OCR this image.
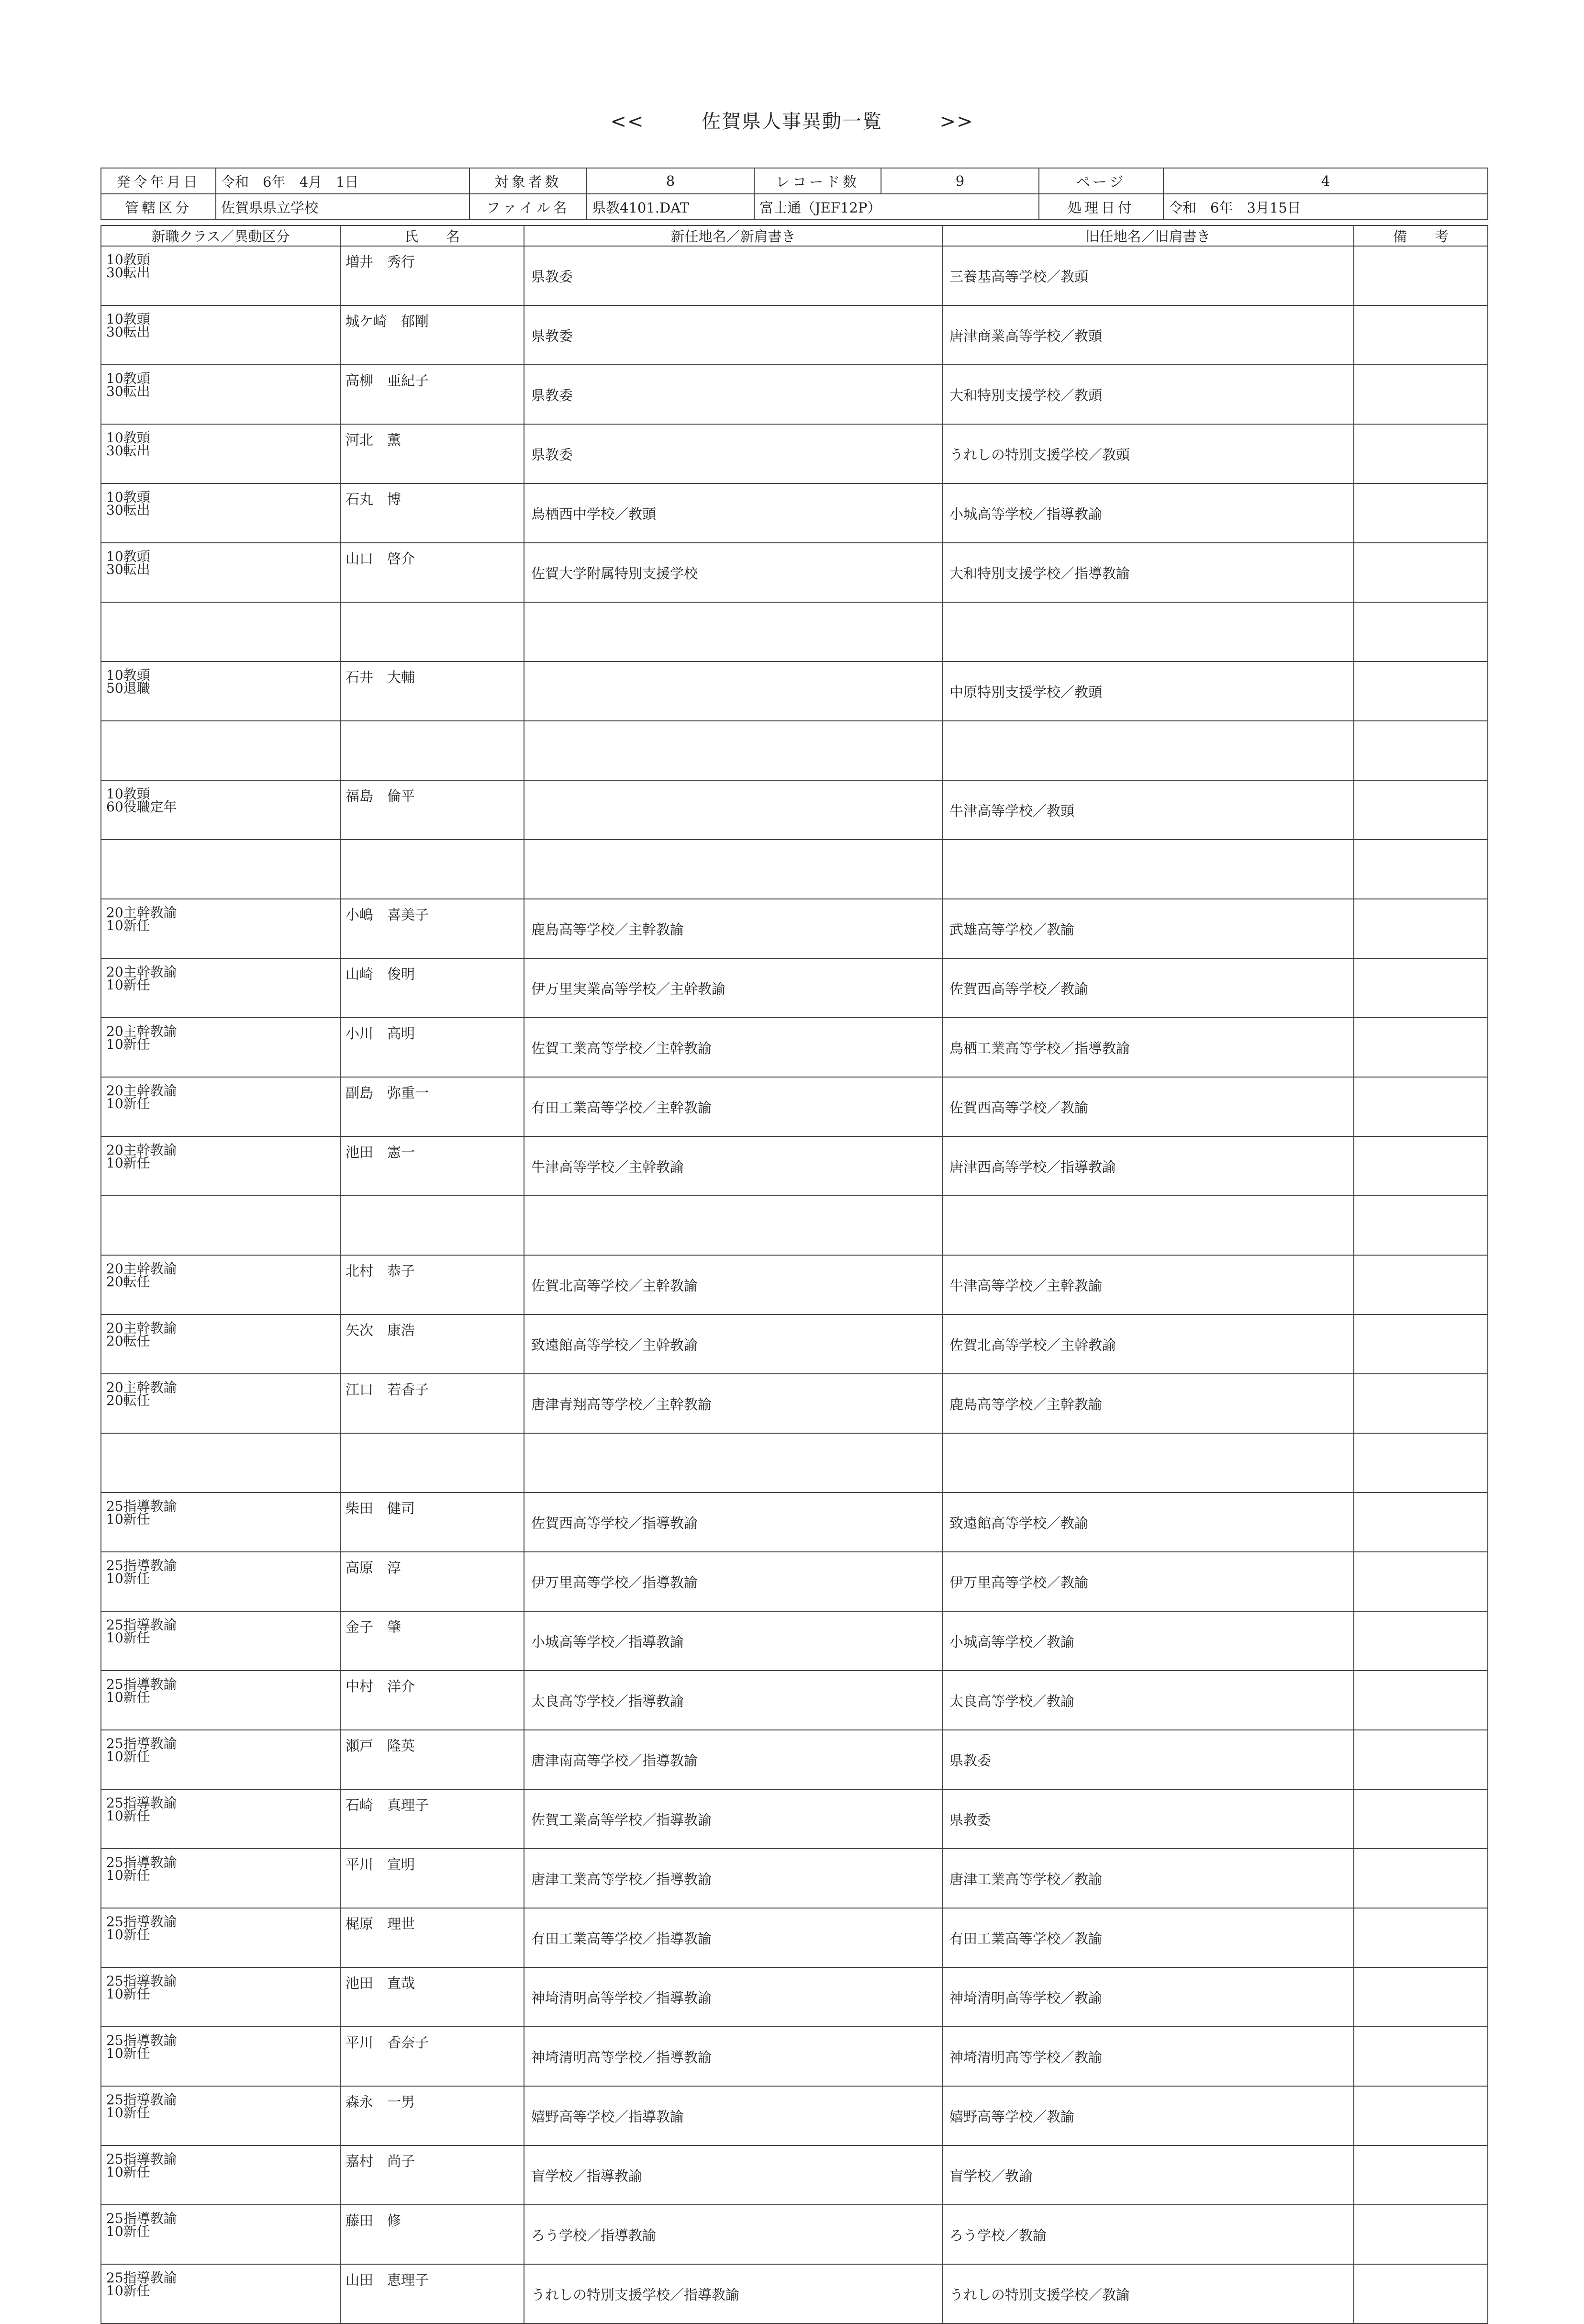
<<	佐賀県人事異動一覧	>>
発令年月日	令和　6年　4月　1日	対象者数	8	レコード数	9	ページ	4
管轄区分	佐賀県県立学校	ファイル名	県教4101.DAT	富士通（JEF12P）		処理日付	令和　6年　3月15日
新職クラス／異動区分	氏　　名	新任地名／新肩書き	旧任地名／旧肩書き	備　　考

10教頭
30転出	増井　秀行	県教委	三養基高等学校／教頭	

10教頭
30転出	城ケ崎　郁剛	県教委	唐津商業高等学校／教頭	

10教頭
30転出	高柳　亜紀子	県教委	大和特別支援学校／教頭	

10教頭
30転出	河北　薫	県教委	うれしの特別支援学校／教頭	

10教頭
30転出	石丸　博	鳥栖西中学校／教頭	小城高等学校／指導教諭	

10教頭
30転出	山口　啓介	佐賀大学附属特別支援学校	大和特別支援学校／指導教諭	

10教頭
50退職	石井　大輔		中原特別支援学校／教頭	

10教頭
60役職定年	福島　倫平		牛津高等学校／教頭	

20主幹教諭
10新任	小嶋　喜美子	鹿島高等学校／主幹教諭	武雄高等学校／教諭	

20主幹教諭
10新任	山崎　俊明	伊万里実業高等学校／主幹教諭	佐賀西高等学校／教諭	

20主幹教諭
10新任	小川　高明	佐賀工業高等学校／主幹教諭	鳥栖工業高等学校／指導教諭	

20主幹教諭
10新任	副島　弥重一	有田工業高等学校／主幹教諭	佐賀西高等学校／教諭	

20主幹教諭
10新任	池田　憲一	牛津高等学校／主幹教諭	唐津西高等学校／指導教諭	

20主幹教諭
20転任	北村　恭子	佐賀北高等学校／主幹教諭	牛津高等学校／主幹教諭	

20主幹教諭
20転任	矢次　康浩	致遠館高等学校／主幹教諭	佐賀北高等学校／主幹教諭	

20主幹教諭
20転任	江口　若香子	唐津青翔高等学校／主幹教諭	鹿島高等学校／主幹教諭	

25指導教諭
10新任	柴田　健司	佐賀西高等学校／指導教諭	致遠館高等学校／教諭	

25指導教諭
10新任	高原　淳	伊万里高等学校／指導教諭	伊万里高等学校／教諭	

25指導教諭
10新任	金子　肇	小城高等学校／指導教諭	小城高等学校／教諭	

25指導教諭
10新任	中村　洋介	太良高等学校／指導教諭	太良高等学校／教諭	

25指導教諭
10新任	瀬戸　隆英	唐津南高等学校／指導教諭	県教委	

25指導教諭
10新任	石崎　真理子	佐賀工業高等学校／指導教諭	県教委	

25指導教諭
10新任	平川　宣明	唐津工業高等学校／指導教諭	唐津工業高等学校／教諭	

25指導教諭
10新任	梶原　理世	有田工業高等学校／指導教諭	有田工業高等学校／教諭	

25指導教諭
10新任	池田　直哉	神埼清明高等学校／指導教諭	神埼清明高等学校／教諭	

25指導教諭
10新任	平川　香奈子	神埼清明高等学校／指導教諭	神埼清明高等学校／教諭	

25指導教諭
10新任	森永　一男	嬉野高等学校／指導教諭	嬉野高等学校／教諭	

25指導教諭
10新任	嘉村　尚子	盲学校／指導教諭	盲学校／教諭	

25指導教諭
10新任	藤田　修	ろう学校／指導教諭	ろう学校／教諭	

25指導教諭
10新任	山田　恵理子	うれしの特別支援学校／指導教諭	うれしの特別支援学校／教諭	
